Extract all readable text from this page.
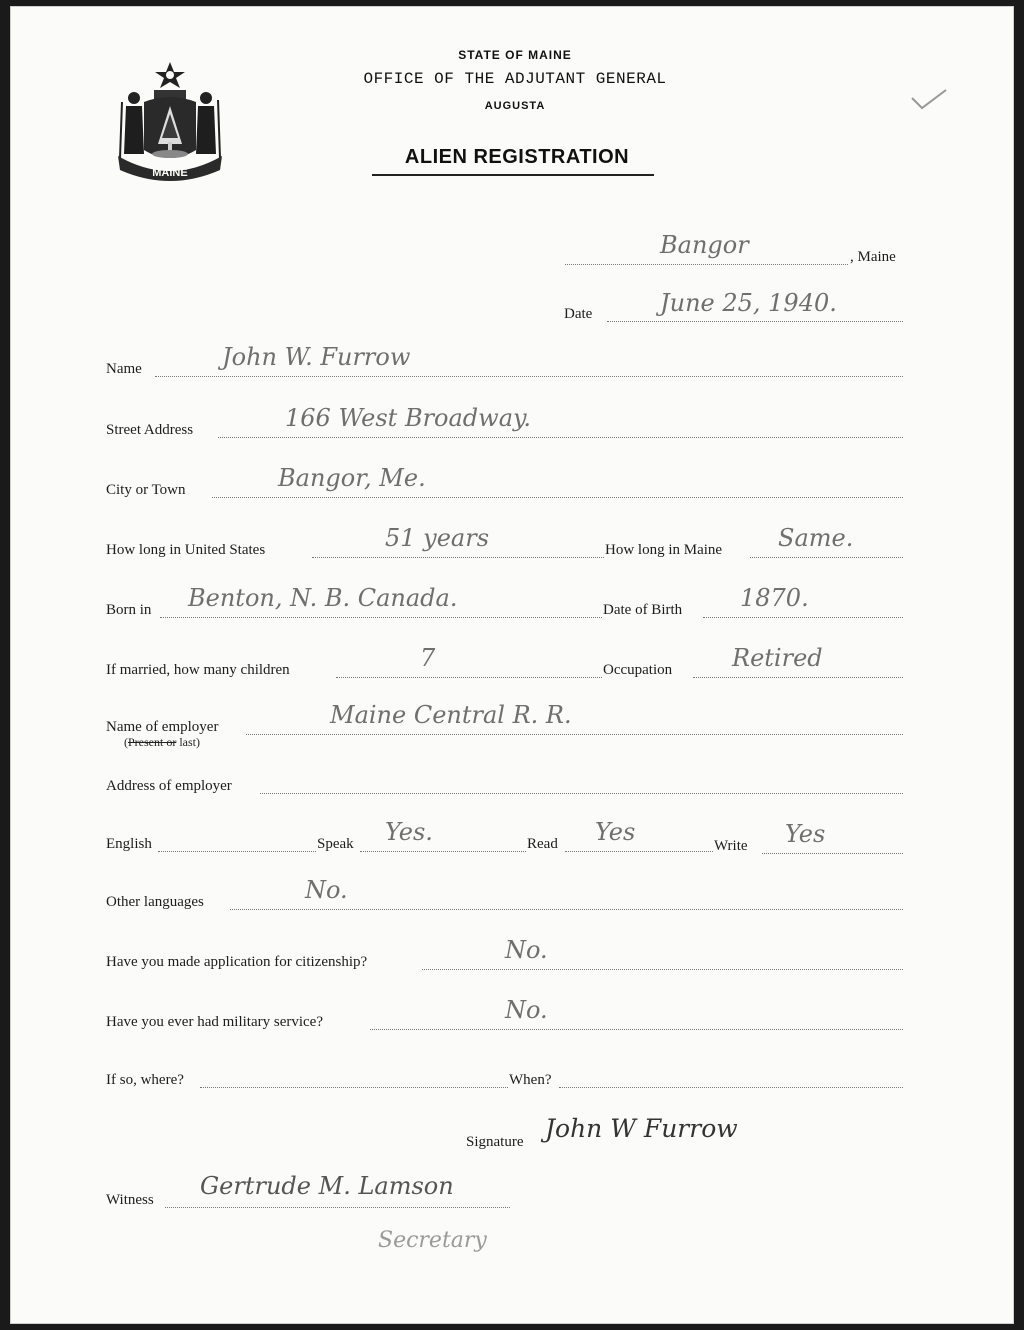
MAINE
STATE OF MAINE
OFFICE OF THE ADJUTANT GENERAL
AUGUSTA
ALIEN REGISTRATION
Bangor	, Maine
Date	June 25, 1940.
Name	John W. Furrow
Street Address	166 West Broadway.
City or Town	Bangor, Me.
How long in United States	51 years	How long in Maine Same.
Born in Benton, N. B. Canada.	Date of Birth 1870.
If married, how many children	7	Occupation Retired
Name of employer	Maine Central R. R.
(Present or last)
Address of employer
English	Speak Yes.	Read Yes	Write Yes
Other languages	No.
Have you made application for citizenship?	No.
Have you ever had military service?	No.
If so, where?	When?
Signature John W Furrow
Witness Gertrude M. Lamson
Secretary
